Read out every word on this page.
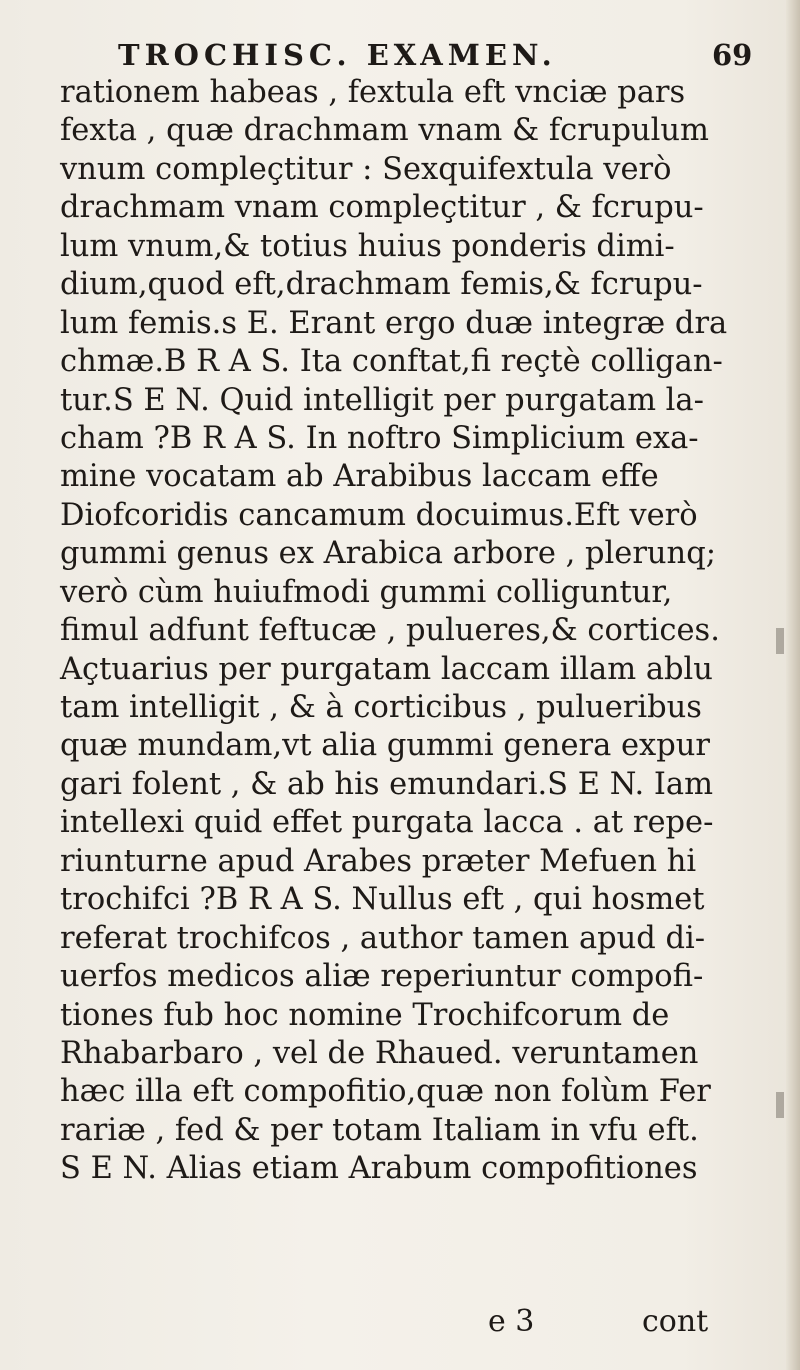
TROCHISC. EXAMEN.	69
rationem habeas , fextula eft vnciæ pars
fexta , quæ drachmam vnam & fcrupulum
vnum compleçtitur : Sexquifextula verò
drachmam vnam compleçtitur , & fcrupu-
lum vnum,& totius huius ponderis dimi-
dium,quod eft,drachmam femis,& fcrupu-
lum femis.s E. Erant ergo duæ integræ dra
chmæ.B R A S. Ita conftat,fi reçtè colligan-
tur.S E N. Quid intelligit per purgatam la-
cham ?B R A S. In noftro Simplicium exa-
mine vocatam ab Arabibus laccam effe
Diofcoridis cancamum docuimus.Eft verò
gummi genus ex Arabica arbore , plerunq;
verò cùm huiufmodi gummi colliguntur,
fimul adfunt feftucæ , pulueres,& cortices.
Açtuarius per purgatam laccam illam ablu
tam intelligit , & à corticibus , pulueribus
quæ mundam,vt alia gummi genera expur
gari folent , & ab his emundari.S E N. Iam
intellexi quid effet purgata lacca . at repe-
riunturne apud Arabes præter Mefuen hi
trochifci ?B R A S. Nullus eft , qui hosmet
referat trochifcos , author tamen apud di-
uerfos medicos aliæ reperiuntur compofi-
tiones fub hoc nomine Trochifcorum de
Rhabarbaro , vel de Rhaued. veruntamen
hæc illa eft compofitio,quæ non folùm Fer
rariæ , fed & per totam Italiam in vfu eft.
S E N. Alias etiam Arabum compofitiones
e 3	cont
